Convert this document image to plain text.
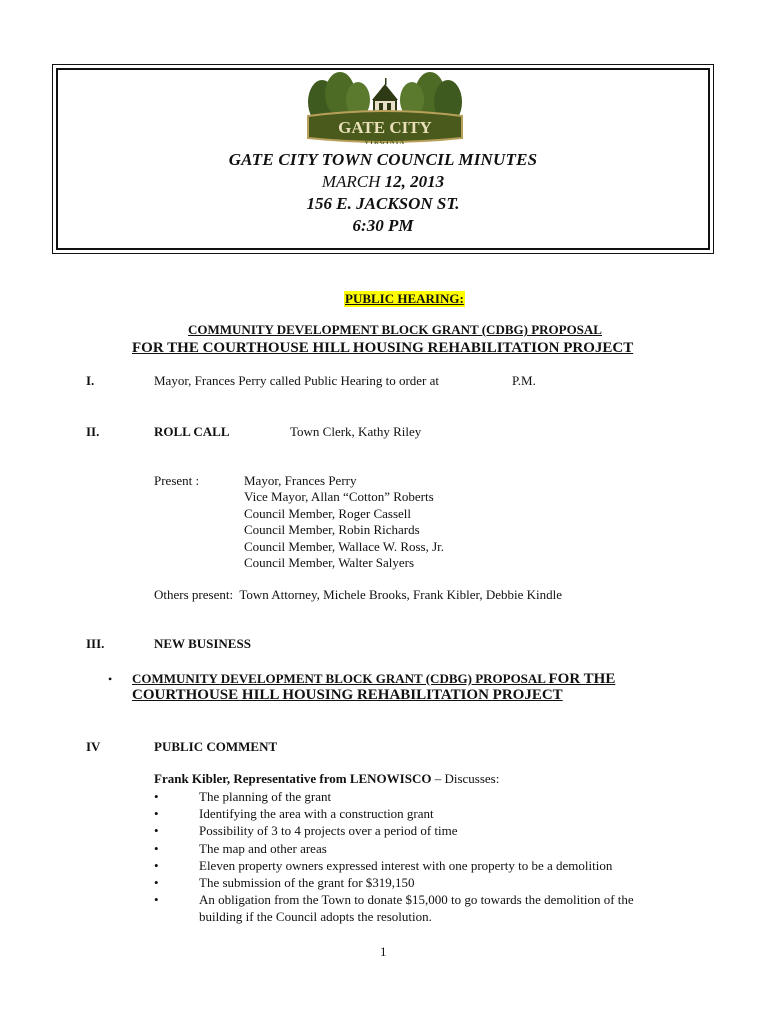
GATE CITY
VIRGINIA
GATE CITY TOWN COUNCIL MINUTES
MARCH 12, 2013
156 E. JACKSON ST.
6:30 PM
PUBLIC HEARING:
COMMUNITY DEVELOPMENT BLOCK GRANT (CDBG) PROPOSAL
FOR THE COURTHOUSE HILL HOUSING REHABILITATION PROJECT
I.	Mayor, Frances Perry called Public Hearing to order at	P.M.
II.	ROLL CALL	Town Clerk, Kathy Riley
Present :	Mayor, Frances Perry
Vice Mayor, Allan “Cotton” Roberts
Council Member, Roger Cassell
Council Member, Robin Richards
Council Member, Wallace W. Ross, Jr.
Council Member, Walter Salyers
Others present:  Town Attorney, Michele Brooks, Frank Kibler, Debbie Kindle
III.	NEW BUSINESS
• COMMUNITY DEVELOPMENT BLOCK GRANT (CDBG) PROPOSAL FOR THE
COURTHOUSE HILL HOUSING REHABILITATION PROJECT
IV	PUBLIC COMMENT
Frank Kibler, Representative from LENOWISCO – Discusses:
•	The planning of the grant
•	Identifying the area with a construction grant
•	Possibility of 3 to 4 projects over a period of time
•	The map and other areas
•	Eleven property owners expressed interest with one property to be a demolition
•	The submission of the grant for $319,150
•	An obligation from the Town to donate $15,000 to go towards the demolition of the
building if the Council adopts the resolution.
1
